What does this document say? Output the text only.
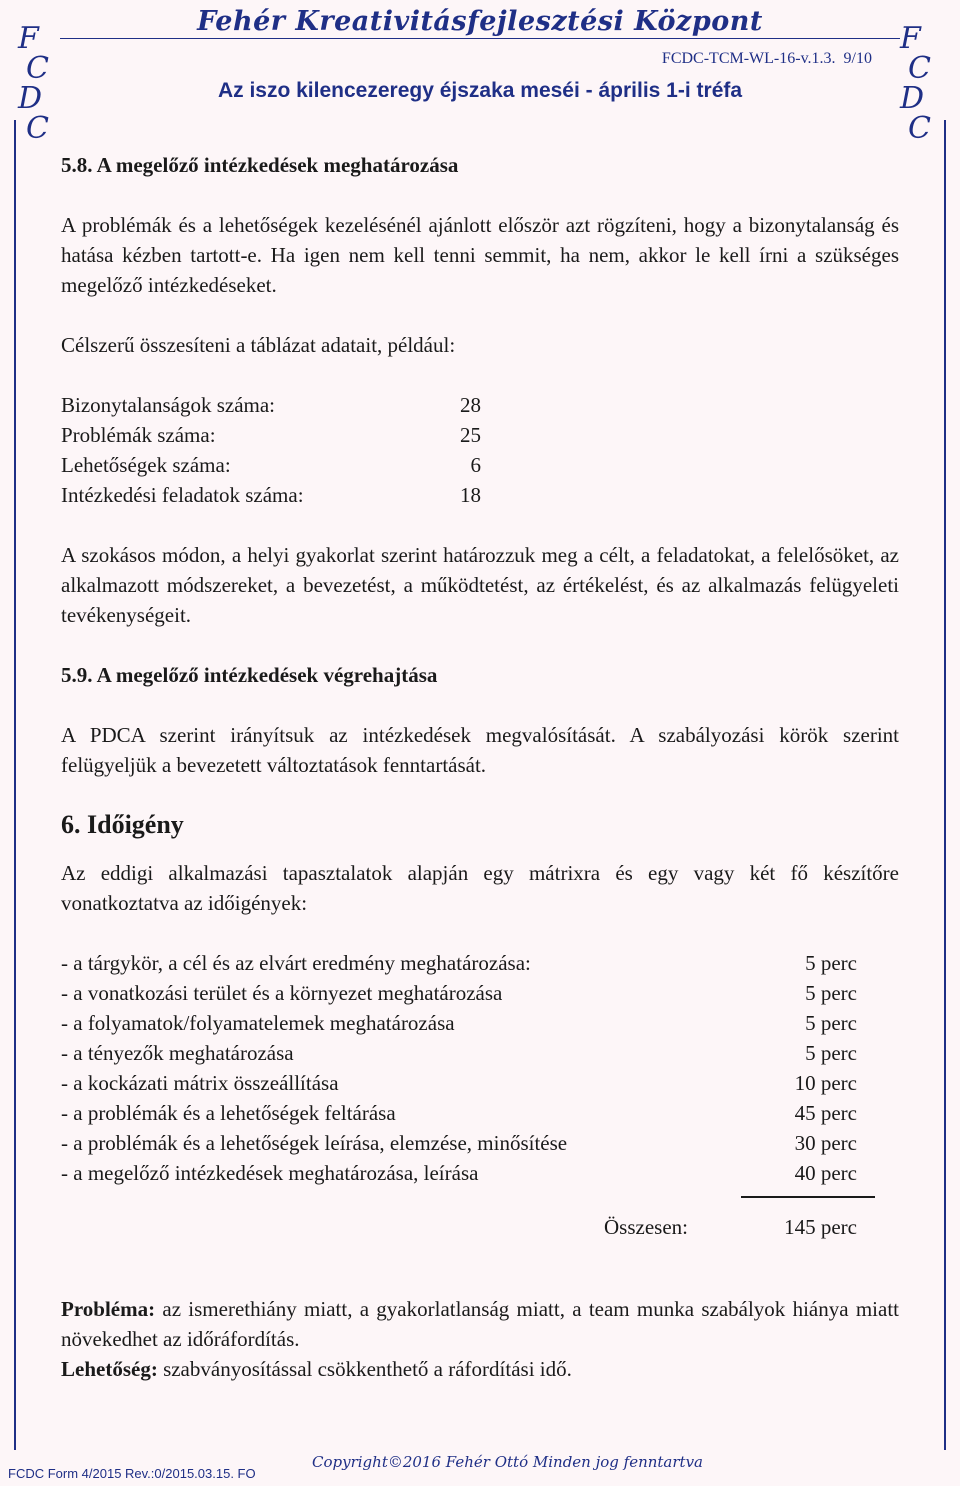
F
C
D
C
F
C
D
C
Fehér Kreativitásfejlesztési Központ
FCDC-TCM-WL-16-v.1.3. 9/10
Az iszo kilencezeregy éjszaka meséi - április 1-i tréfa
5.8. A megelőző intézkedések meghatározása

A problémák és a lehetőségek kezelésénél ajánlott először azt rögzíteni, hogy a bizonytalanság és hatása kézben tartott-e. Ha igen nem kell tenni semmit, ha nem, akkor le kell írni a szükséges megelőző intézkedéseket.

Célszerű összesíteni a táblázat adatait, például:

Bizonytalanságok száma:	28
Problémák száma:	25
Lehetőségek száma:	6
Intézkedési feladatok száma:	18

A szokásos módon, a helyi gyakorlat szerint határozzuk meg a célt, a feladatokat, a felelősöket, az alkalmazott módszereket, a bevezetést, a működtetést, az értékelést, és az alkalmazás felügyeleti tevékenységeit.

5.9. A megelőző intézkedések végrehajtása

A PDCA szerint irányítsuk az intézkedések megvalósítását. A szabályozási körök szerint felügyeljük a bevezetett változtatások fenntartását.

6. Időigény

Az eddigi alkalmazási tapasztalatok alapján egy mátrixra és egy vagy két fő készítőre vonatkoztatva az időigények:

- a tárgykör, a cél és az elvárt eredmény meghatározása:	5 perc
- a vonatkozási terület és a környezet meghatározása	5 perc
- a folyamatok/folyamatelemek meghatározása	5 perc
- a tényezők meghatározása	5 perc
- a kockázati mátrix összeállítása	10 perc
- a problémák és a lehetőségek feltárása	45 perc
- a problémák és a lehetőségek leírása, elemzése, minősítése	30 perc
- a megelőző intézkedések meghatározása, leírása	40 perc
Összesen:	145 perc

Probléma: az ismerethiány miatt, a gyakorlatlanság miatt, a team munka szabályok hiánya miatt növekedhet az időráfordítás.

Lehetőség: szabványosítással csökkenthető a ráfordítási idő.

FCDC Form 4/2015 Rev.:0/2015.03.15. FO
Copyright©2016 Fehér Ottó Minden jog fenntartva
